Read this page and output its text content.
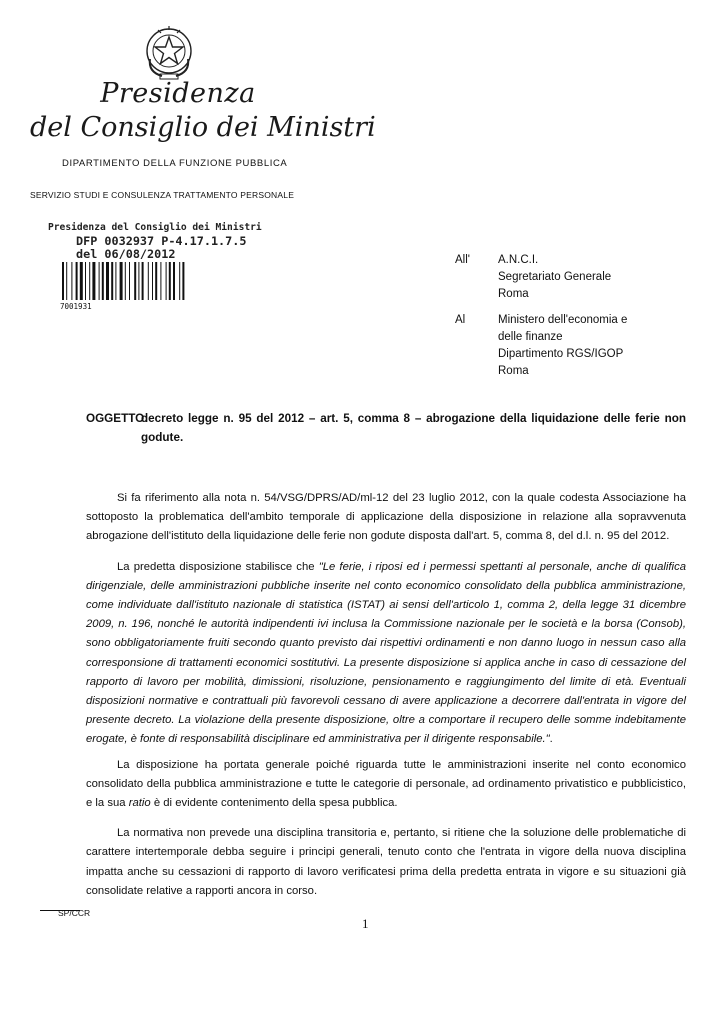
Presidenza
del Consiglio dei Ministri
DIPARTIMENTO DELLA FUNZIONE PUBBLICA
SERVIZIO STUDI E CONSULENZA TRATTAMENTO PERSONALE
Presidenza del Consiglio dei Ministri
DFP 0032937 P-4.17.1.7.5
del 06/08/2012
7001931
All' A.N.C.I.
Segretariato Generale
Roma
Al	Ministero dell'economia e
delle finanze
Dipartimento RGS/IGOP
Roma
OGGETTO:
decreto legge n. 95 del 2012 – art. 5, comma 8 – abrogazione della liquidazione delle ferie non godute.

Si fa riferimento alla nota n. 54/VSG/DPRS/AD/ml-12 del 23 luglio 2012, con la quale codesta Associazione ha sottoposto la problematica dell'ambito temporale di applicazione della disposizione in relazione alla sopravvenuta abrogazione dell'istituto della liquidazione delle ferie non godute disposta dall'art. 5, comma 8, del d.l. n. 95 del 2012.

La predetta disposizione stabilisce che "Le ferie, i riposi ed i permessi spettanti al personale, anche di qualifica dirigenziale, delle amministrazioni pubbliche inserite nel conto economico consolidato della pubblica amministrazione, come individuate dall'istituto nazionale di statistica (ISTAT) ai sensi dell'articolo 1, comma 2, della legge 31 dicembre 2009, n. 196, nonché le autorità indipendenti ivi inclusa la Commissione nazionale per le società e la borsa (Consob), sono obbligatoriamente fruiti secondo quanto previsto dai rispettivi ordinamenti e non danno luogo in nessun caso alla corresponsione di trattamenti economici sostitutivi. La presente disposizione si applica anche in caso di cessazione del rapporto di lavoro per mobilità, dimissioni, risoluzione, pensionamento e raggiungimento del limite di età. Eventuali disposizioni normative e contrattuali più favorevoli cessano di avere applicazione a decorrere dall'entrata in vigore del presente decreto. La violazione della presente disposizione, oltre a comportare il recupero delle somme indebitamente erogate, è fonte di responsabilità disciplinare ed amministrativa per il dirigente responsabile.".

La disposizione ha portata generale poiché riguarda tutte le amministrazioni inserite nel conto economico consolidato della pubblica amministrazione e tutte le categorie di personale, ad ordinamento privatistico e pubblicistico, e la sua ratio è di evidente contenimento della spesa pubblica.

La normativa non prevede una disciplina transitoria e, pertanto, si ritiene che la soluzione delle problematiche di carattere intertemporale debba seguire i principi generali, tenuto conto che l'entrata in vigore della nuova disciplina impatta anche su cessazioni di rapporto di lavoro verificatesi prima della predetta entrata in vigore e su situazioni già consolidate relative a rapporti ancora in corso.

SP/CCR
1
